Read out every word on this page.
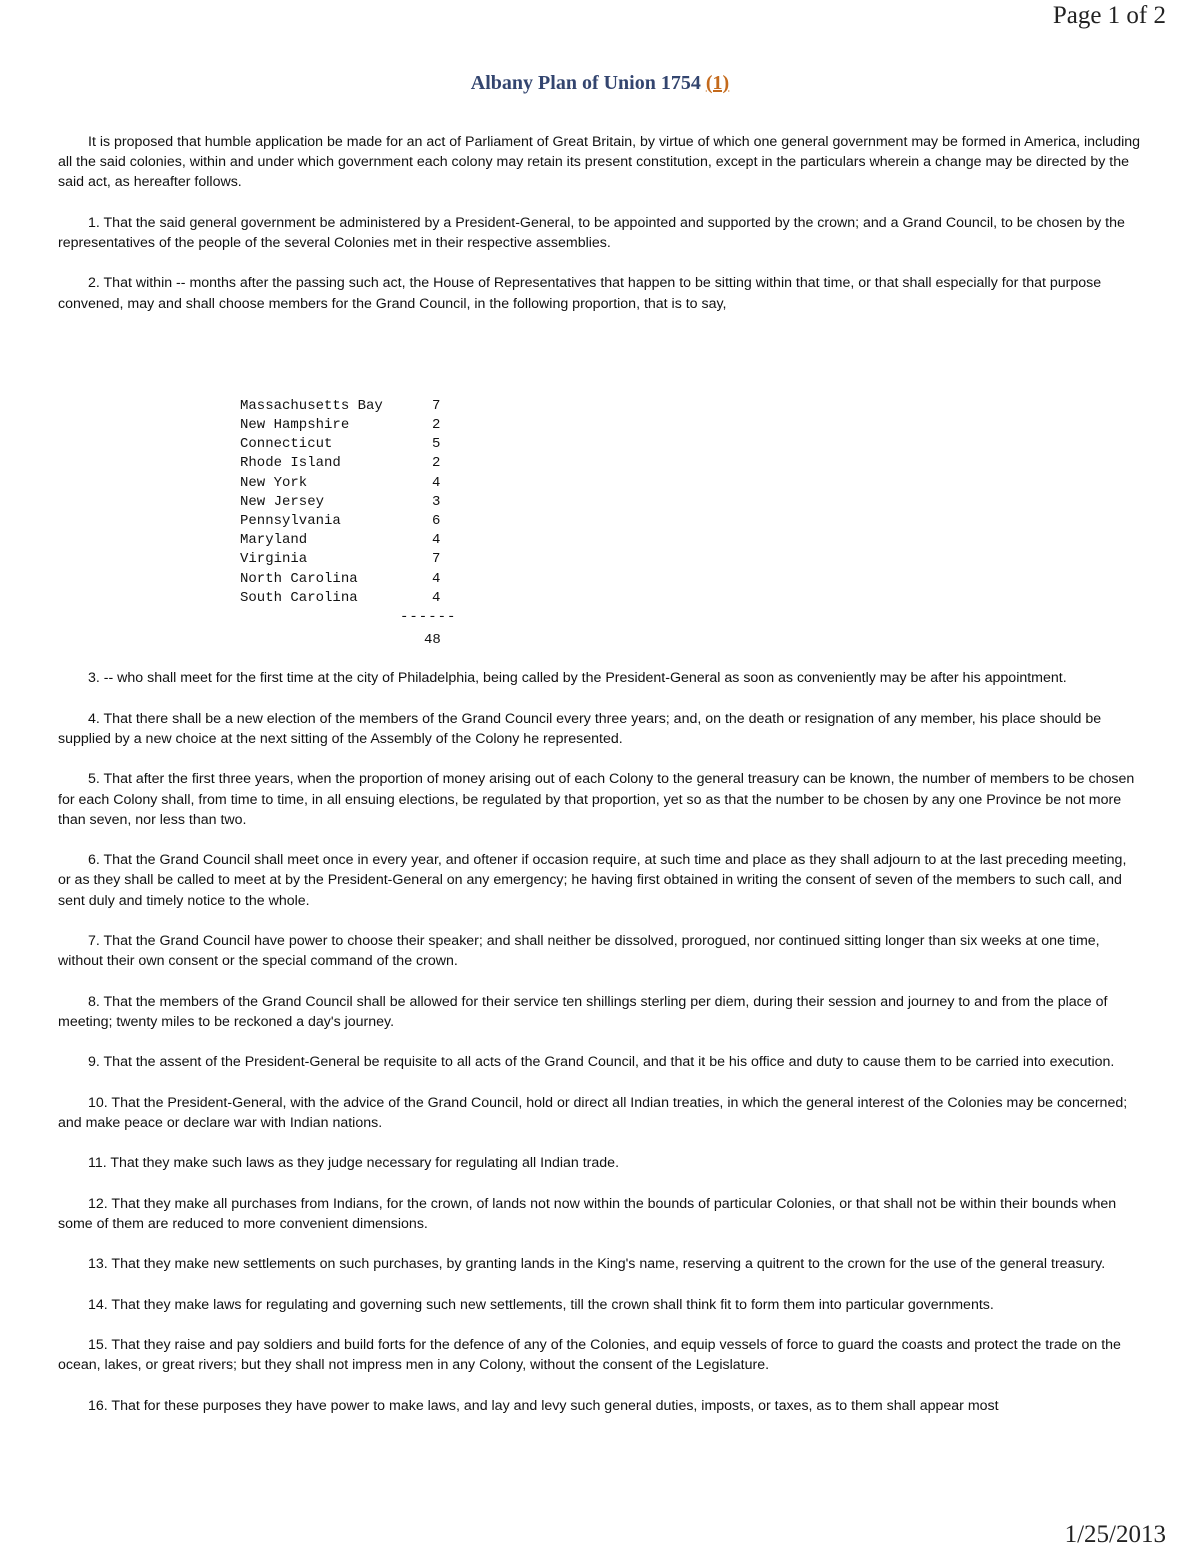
Page 1 of 2
Albany Plan of Union 1754 (1)

It is proposed that humble application be made for an act of Parliament of Great Britain, by virtue of which one general government may be formed in America, including all the said colonies, within and under which government each colony may retain its present constitution, except in the particulars wherein a change may be directed by the said act, as hereafter follows.

1. That the said general government be administered by a President-General, to be appointed and supported by the crown; and a Grand Council, to be chosen by the representatives of the people of the several Colonies met in their respective assemblies.

2. That within -- months after the passing such act, the House of Representatives that happen to be sitting within that time, or that shall especially for that purpose convened, may and shall choose members for the Grand Council, in the following proportion, that is to say,

Massachusetts Bay	7
New Hampshire	2
Connecticut	5
Rhode Island	2
New York	4
New Jersey	3
Pennsylvania	6
Maryland	4
Virginia	7
North Carolina	4
South Carolina	4
------
48

3. -- who shall meet for the first time at the city of Philadelphia, being called by the President-General as soon as conveniently may be after his appointment.

4. That there shall be a new election of the members of the Grand Council every three years; and, on the death or resignation of any member, his place should be supplied by a new choice at the next sitting of the Assembly of the Colony he represented.

5. That after the first three years, when the proportion of money arising out of each Colony to the general treasury can be known, the number of members to be chosen for each Colony shall, from time to time, in all ensuing elections, be regulated by that proportion, yet so as that the number to be chosen by any one Province be not more than seven, nor less than two.

6. That the Grand Council shall meet once in every year, and oftener if occasion require, at such time and place as they shall adjourn to at the last preceding meeting, or as they shall be called to meet at by the President-General on any emergency; he having first obtained in writing the consent of seven of the members to such call, and sent duly and timely notice to the whole.

7. That the Grand Council have power to choose their speaker; and shall neither be dissolved, prorogued, nor continued sitting longer than six weeks at one time, without their own consent or the special command of the crown.

8. That the members of the Grand Council shall be allowed for their service ten shillings sterling per diem, during their session and journey to and from the place of meeting; twenty miles to be reckoned a day's journey.

9. That the assent of the President-General be requisite to all acts of the Grand Council, and that it be his office and duty to cause them to be carried into execution.

10. That the President-General, with the advice of the Grand Council, hold or direct all Indian treaties, in which the general interest of the Colonies may be concerned; and make peace or declare war with Indian nations.

11. That they make such laws as they judge necessary for regulating all Indian trade.

12. That they make all purchases from Indians, for the crown, of lands not now within the bounds of particular Colonies, or that shall not be within their bounds when some of them are reduced to more convenient dimensions.

13. That they make new settlements on such purchases, by granting lands in the King's name, reserving a quitrent to the crown for the use of the general treasury.

14. That they make laws for regulating and governing such new settlements, till the crown shall think fit to form them into particular governments.

15. That they raise and pay soldiers and build forts for the defence of any of the Colonies, and equip vessels of force to guard the coasts and protect the trade on the ocean, lakes, or great rivers; but they shall not impress men in any Colony, without the consent of the Legislature.

16. That for these purposes they have power to make laws, and lay and levy such general duties, imposts, or taxes, as to them shall appear most

1/25/2013
